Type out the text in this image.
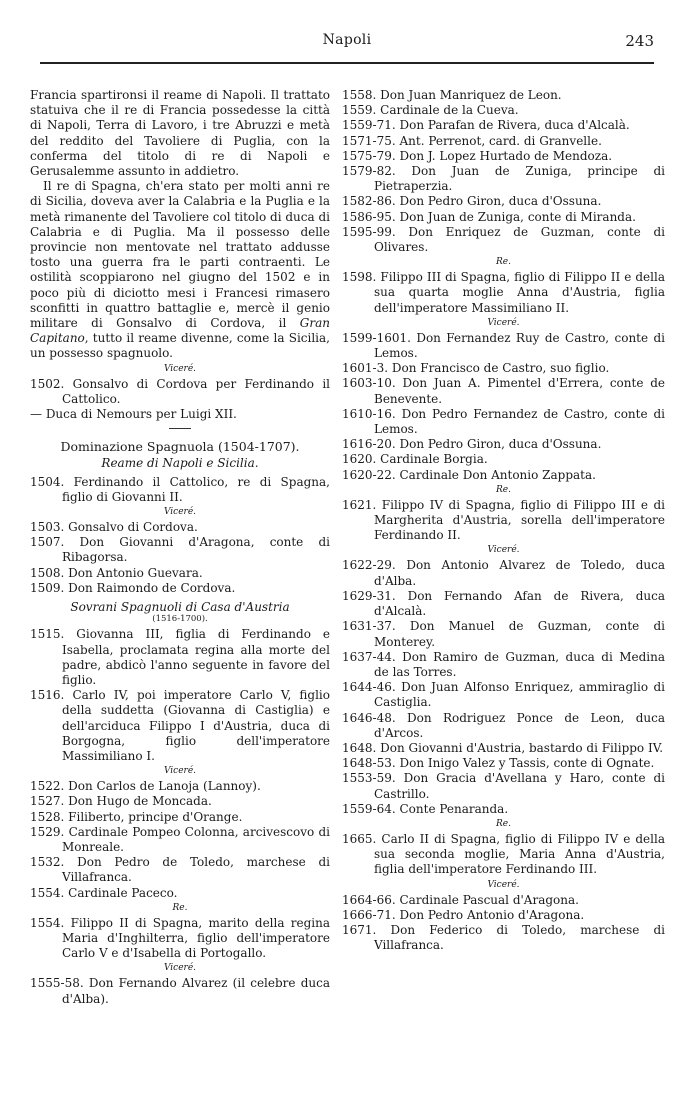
Napoli	243

Francia spartironsi il reame di Napoli. Il trattato statuiva che il re di Francia possedesse la città di Napoli, Terra di Lavoro, i tre Abruzzi e metà del reddito del Tavoliere di Puglia, con la conferma del titolo di re di Napoli e Gerusalemme assunto in addietro.

Il re di Spagna, ch'era stato per molti anni re di Sicilia, doveva aver la Calabria e la Puglia e la metà rimanente del Tavoliere col titolo di duca di Calabria e di Puglia. Ma il possesso delle provincie non mentovate nel trattato addusse tosto una guerra fra le parti contraenti. Le ostilità scoppiarono nel giugno del 1502 e in poco più di diciotto mesi i Francesi rimasero sconfitti in quattro battaglie e, mercè il genio militare di Gonsalvo di Cordova, il Gran Capitano, tutto il reame divenne, come la Sicilia, un possesso spagnuolo.

Viceré.
1502. Gonsalvo di Cordova per Ferdinando il Cattolico.
— Duca di Nemours per Luigi XII.
Dominazione Spagnuola (1504-1707).
Reame di Napoli e Sicilia.
1504. Ferdinando il Cattolico, re di Spagna, figlio di Giovanni II.
Viceré.
1503. Gonsalvo di Cordova.
1507. Don Giovanni d'Aragona, conte di Ribagorsa.
1508. Don Antonio Guevara.
1509. Don Raimondo de Cordova.
Sovrani Spagnuoli di Casa d'Austria
(1516-1700).
1515. Giovanna III, figlia di Ferdinando e Isabella, proclamata regina alla morte del padre, abdicò l'anno seguente in favore del figlio.
1516. Carlo IV, poi imperatore Carlo V, figlio della suddetta (Giovanna di Castiglia) e dell'arciduca Filippo I d'Austria, duca di Borgogna, figlio dell'imperatore Massimiliano I.
Viceré.
1522. Don Carlos de Lanoja (Lannoy).
1527. Don Hugo de Moncada.
1528. Filiberto, principe d'Orange.
1529. Cardinale Pompeo Colonna, arcivescovo di Monreale.
1532. Don Pedro de Toledo, marchese di Villafranca.
1554. Cardinale Paceco.
Re.
1554. Filippo II di Spagna, marito della regina Maria d'Inghilterra, figlio dell'imperatore Carlo V e d'Isabella di Portogallo.
Viceré.
1555-58. Don Fernando Alvarez (il celebre duca d'Alba).
1558. Don Juan Manriquez de Leon.
1559. Cardinale de la Cueva.
1559-71. Don Parafan de Rivera, duca d'Alcalà.
1571-75. Ant. Perrenot, card. di Granvelle.
1575-79. Don J. Lopez Hurtado de Mendoza.
1579-82. Don Juan de Zuniga, principe di Pietraperzia.
1582-86. Don Pedro Giron, duca d'Ossuna.
1586-95. Don Juan de Zuniga, conte di Miranda.
1595-99. Don Enriquez de Guzman, conte di Olivares.
Re.
1598. Filippo III di Spagna, figlio di Filippo II e della sua quarta moglie Anna d'Austria, figlia dell'imperatore Massimiliano II.
Viceré.
1599-1601. Don Fernandez Ruy de Castro, conte di Lemos.
1601-3. Don Francisco de Castro, suo figlio.
1603-10. Don Juan A. Pimentel d'Errera, conte de Benevente.
1610-16. Don Pedro Fernandez de Castro, conte di Lemos.
1616-20. Don Pedro Giron, duca d'Ossuna.
1620. Cardinale Borgia.
1620-22. Cardinale Don Antonio Zappata.
Re.
1621. Filippo IV di Spagna, figlio di Filippo III e di Margherita d'Austria, sorella dell'imperatore Ferdinando II.
Viceré.
1622-29. Don Antonio Alvarez de Toledo, duca d'Alba.
1629-31. Don Fernando Afan de Rivera, duca d'Alcalà.
1631-37. Don Manuel de Guzman, conte di Monterey.
1637-44. Don Ramiro de Guzman, duca di Medina de las Torres.
1644-46. Don Juan Alfonso Enriquez, ammiraglio di Castiglia.
1646-48. Don Rodriguez Ponce de Leon, duca d'Arcos.
1648. Don Giovanni d'Austria, bastardo di Filippo IV.
1648-53. Don Inigo Valez y Tassis, conte di Ognate.
1553-59. Don Gracia d'Avellana y Haro, conte di Castrillo.
1559-64. Conte Penaranda.
Re.
1665. Carlo II di Spagna, figlio di Filippo IV e della sua seconda moglie, Maria Anna d'Austria, figlia dell'imperatore Ferdinando III.
Viceré.
1664-66. Cardinale Pascual d'Aragona.
1666-71. Don Pedro Antonio d'Aragona.
1671. Don Federico di Toledo, marchese di Villafranca.
